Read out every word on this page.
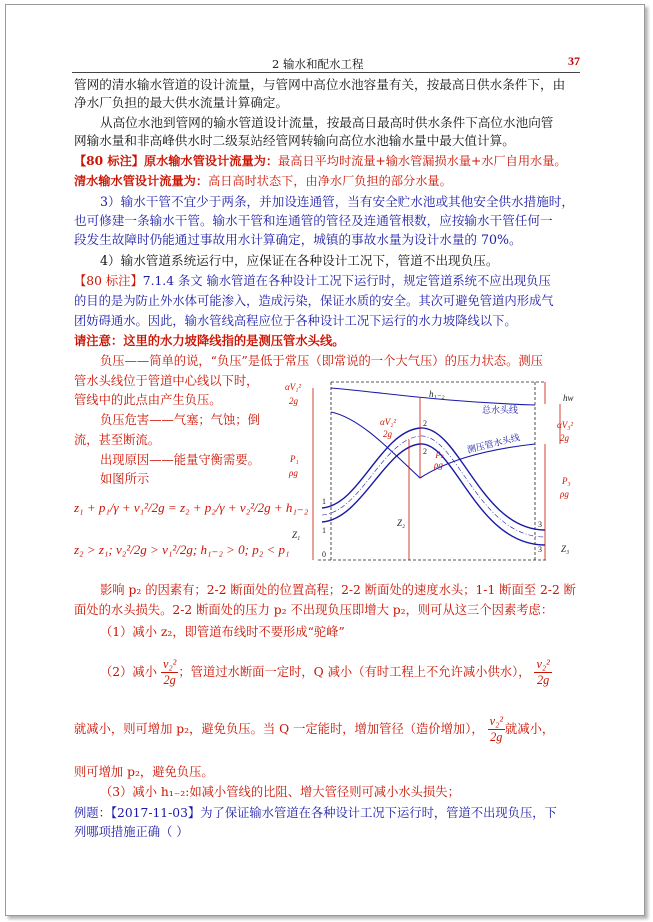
2 输水和配水工程	37
管网的清水输水管道的设计流量，与管网中高位水池容量有关，按最高日供水条件下，由
净水厂负担的最大供水流量计算确定。
从高位水池到管网的输水管道设计流量，按最高日最高时供水条件下高位水池向管
网输水量和非高峰供水时二级泵站经管网转输向高位水池输水量中最大值计算。
【80 标注】原水输水管设计流量为：最高日平均时流量+输水管漏损水量+水厂自用水量。
清水输水管设计流量为：高日高时状态下，由净水厂负担的部分水量。
3）输水干管不宜少于两条，并加设连通管，当有安全贮水池或其他安全供水措施时，
也可修建一条输水干管。输水干管和连通管的管径及连通管根数，应按输水干管任何一
段发生故障时仍能通过事故用水计算确定，城镇的事故水量为设计水量的 70%。
4）输水管道系统运行中，应保证在各种设计工况下，管道不出现负压。
【80 标注】7.1.4 条文 输水管道在各种设计工况下运行时，规定管道系统不应出现负压
的目的是为防止外水体可能渗入，造成污染，保证水质的安全。其次可避免管道内形成气
团妨碍通水。因此，输水管线高程应位于各种设计工况下运行的水力坡降线以下。
请注意：这里的水力坡降线指的是测压管水头线。
负压——简单的说，“负压”是低于常压（即常说的一个大气压）的压力状态。测压
管水头线位于管道中心线以下时，
管线中的此点由产生负压。
负压危害——气塞；气蚀；倒
流，甚至断流。
出现原因——能量守衡需要。
如图所示
z₁ + p₁/γ + v₁²/2g = z₂ + p₂/γ + v₂²/2g + h₁₋₂
z₂ > z₁; v₂²/2g > v₁²/2g; h₁₋₂ > 0; p₂ < p₁
总水头线
测压管水头线
h₁₋₂	hw
αV₁²
2g
P₁
ρg
αV₂²
2g
p₂
ρg
αV₃²
2g
P₃
ρg
Z₁
Z₂
Z₃
1
1
2
2
3
3
0
影响 p₂ 的因素有；2-2 断面处的位置高程；2-2 断面处的速度水头；1-1 断面至 2-2 断
面处的水头损失。2-2 断面处的压力 p₂ 不出现负压即增大 p₂，则可从这三个因素考虑：
（1）减小 z₂，即管道布线时不要形成“驼峰”
（2）减小 $\frac{\text{v₂²}}{2g}$ ；管道过水断面一定时，Q 减小（有时工程上不允许减小供水）， $\frac{\text{v₂²}}{2g}$
就减小，则可增加 p₂，避免负压。当 Q 一定能时，增加管径（造价增加）， $\frac{\text{v₂²}}{2g}$ 就减小，
则可增加 p₂，避免负压。
（3）减小 h₁₋₂:如减小管线的比阻、增大管径则可减小水头损失；
例题：【2017-11-03】为了保证输水管道在各种设计工况下运行时，管道不出现负压，下
列哪项措施正确（ ）
